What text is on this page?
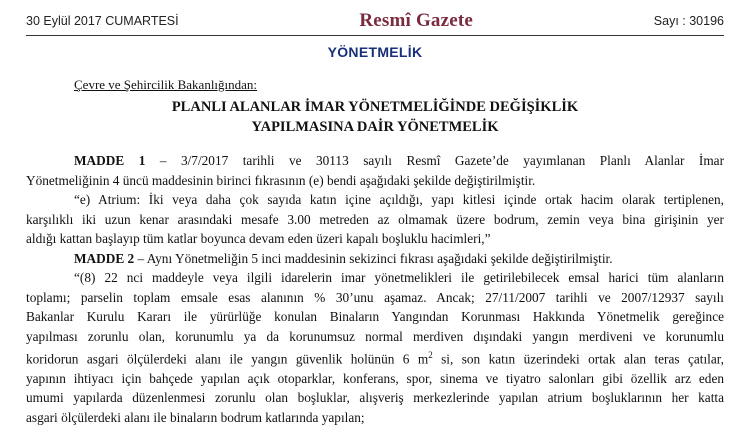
30 Eylül 2017 CUMARTESİ	Resmî Gazete	Sayı : 30196
YÖNETMELİK
Çevre ve Şehircilik Bakanlığından:
PLANLI ALANLAR İMAR YÖNETMELİĞİNDE DEĞİŞİKLİK
YAPILMASINA DAİR YÖNETMELİK

MADDE 1 – 3/7/2017 tarihli ve 30113 sayılı Resmî Gazete’de yayımlanan Planlı Alanlar İmar

Yönetmeliğinin 4 üncü maddesinin birinci fıkrasının (e) bendi aşağıdaki şekilde değiştirilmiştir.

“e) Atrium: İki veya daha çok sayıda katın içine açıldığı, yapı kitlesi içinde ortak hacim olarak tertiplenen,

karşılıklı iki uzun kenar arasındaki mesafe 3.00 metreden az olmamak üzere bodrum, zemin veya bina girişinin yer

aldığı kattan başlayıp tüm katlar boyunca devam eden üzeri kapalı boşluklu hacimleri,”

MADDE 2 – Aynı Yönetmeliğin 5 inci maddesinin sekizinci fıkrası aşağıdaki şekilde değiştirilmiştir.

“(8) 22 nci maddeyle veya ilgili idarelerin imar yönetmelikleri ile getirilebilecek emsal harici tüm alanların

toplamı; parselin toplam emsale esas alanının % 30’unu aşamaz. Ancak; 27/11/2007 tarihli ve 2007/12937 sayılı

Bakanlar Kurulu Kararı ile yürürlüğe konulan Binaların Yangından Korunması Hakkında Yönetmelik gereğince

yapılması zorunlu olan, korunumlu ya da korunumsuz normal merdiven dışındaki yangın merdiveni ve korunumlu

koridorun asgari ölçülerdeki alanı ile yangın güvenlik holünün 6 $m^2$ si, son katın üzerindeki ortak alan teras çatılar,

yapının ihtiyacı için bahçede yapılan açık otoparklar, konferans, spor, sinema ve tiyatro salonları gibi özellik arz eden

umumi yapılarda düzenlenmesi zorunlu olan boşluklar, alışveriş merkezlerinde yapılan atrium boşluklarının her katta

asgari ölçülerdeki alanı ile binaların bodrum katlarında yapılan;
